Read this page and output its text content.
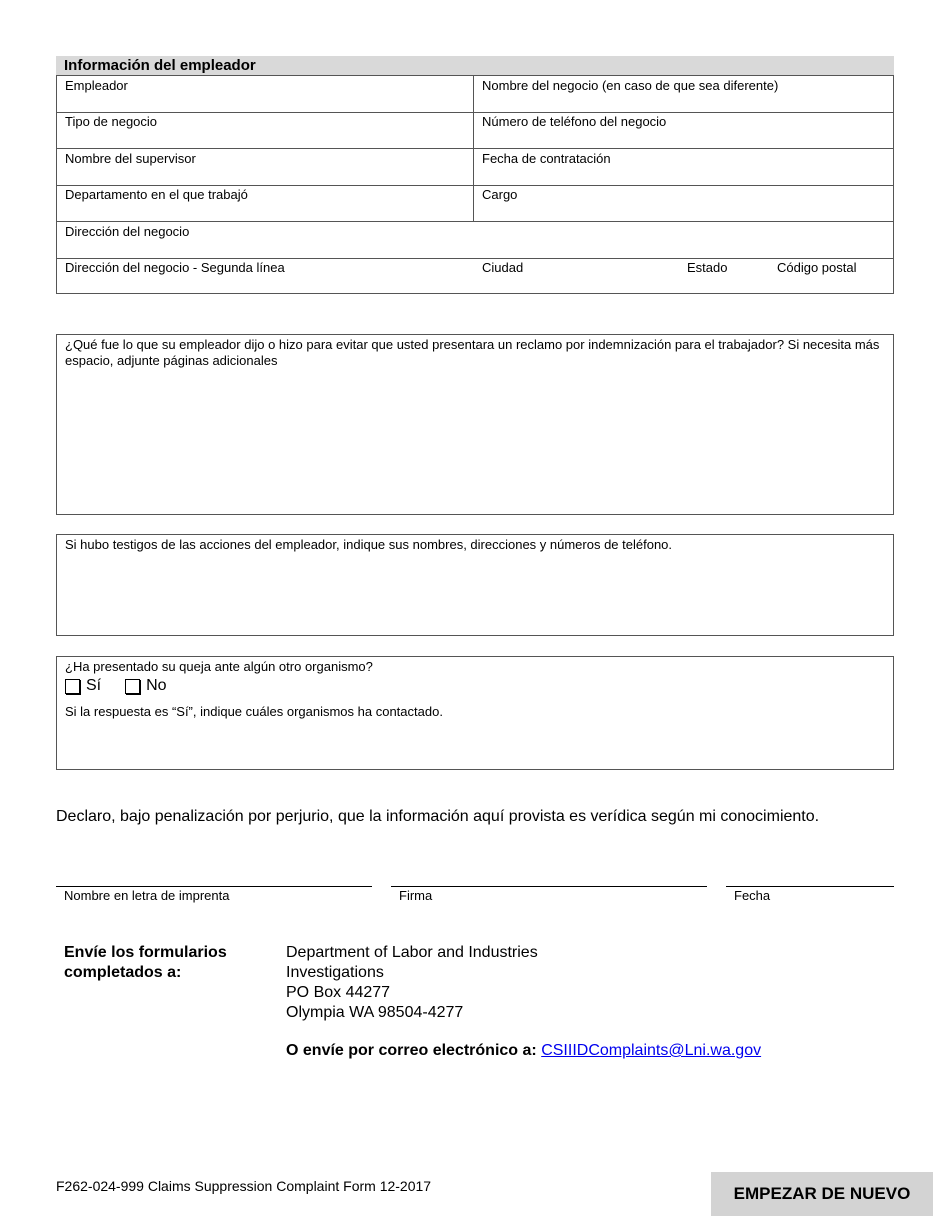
Información del empleador
Empleador	Nombre del negocio (en caso de que sea diferente)
Tipo de negocio	Número de teléfono del negocio
Nombre del supervisor	Fecha de contratación
Departamento en el que trabajó	Cargo
Dirección del negocio
Dirección del negocio - Segunda línea	Ciudad	Estado	Código postal
¿Qué fue lo que su empleador dijo o hizo para evitar que usted presentara un reclamo por indemnización para el trabajador? Si necesita más espacio, adjunte páginas adicionales
Si hubo testigos de las acciones del empleador, indique sus nombres, direcciones y números de teléfono.
¿Ha presentado su queja ante algún otro organismo?
Sí	No
Si la respuesta es “Sí”, indique cuáles organismos ha contactado.
Declaro, bajo penalización por perjurio, que la información aquí provista es verídica según mi conocimiento.
Nombre en letra de imprenta	Firma	Fecha
Envíe los formularios
completados a:
Department of Labor and Industries
Investigations
PO Box 44277
Olympia WA 98504-4277
O envíe por correo electrónico a: CSIIIDComplaints@Lni.wa.gov
F262-024-999 Claims Suppression Complaint Form 12-2017	EMPEZAR DE NUEVO
